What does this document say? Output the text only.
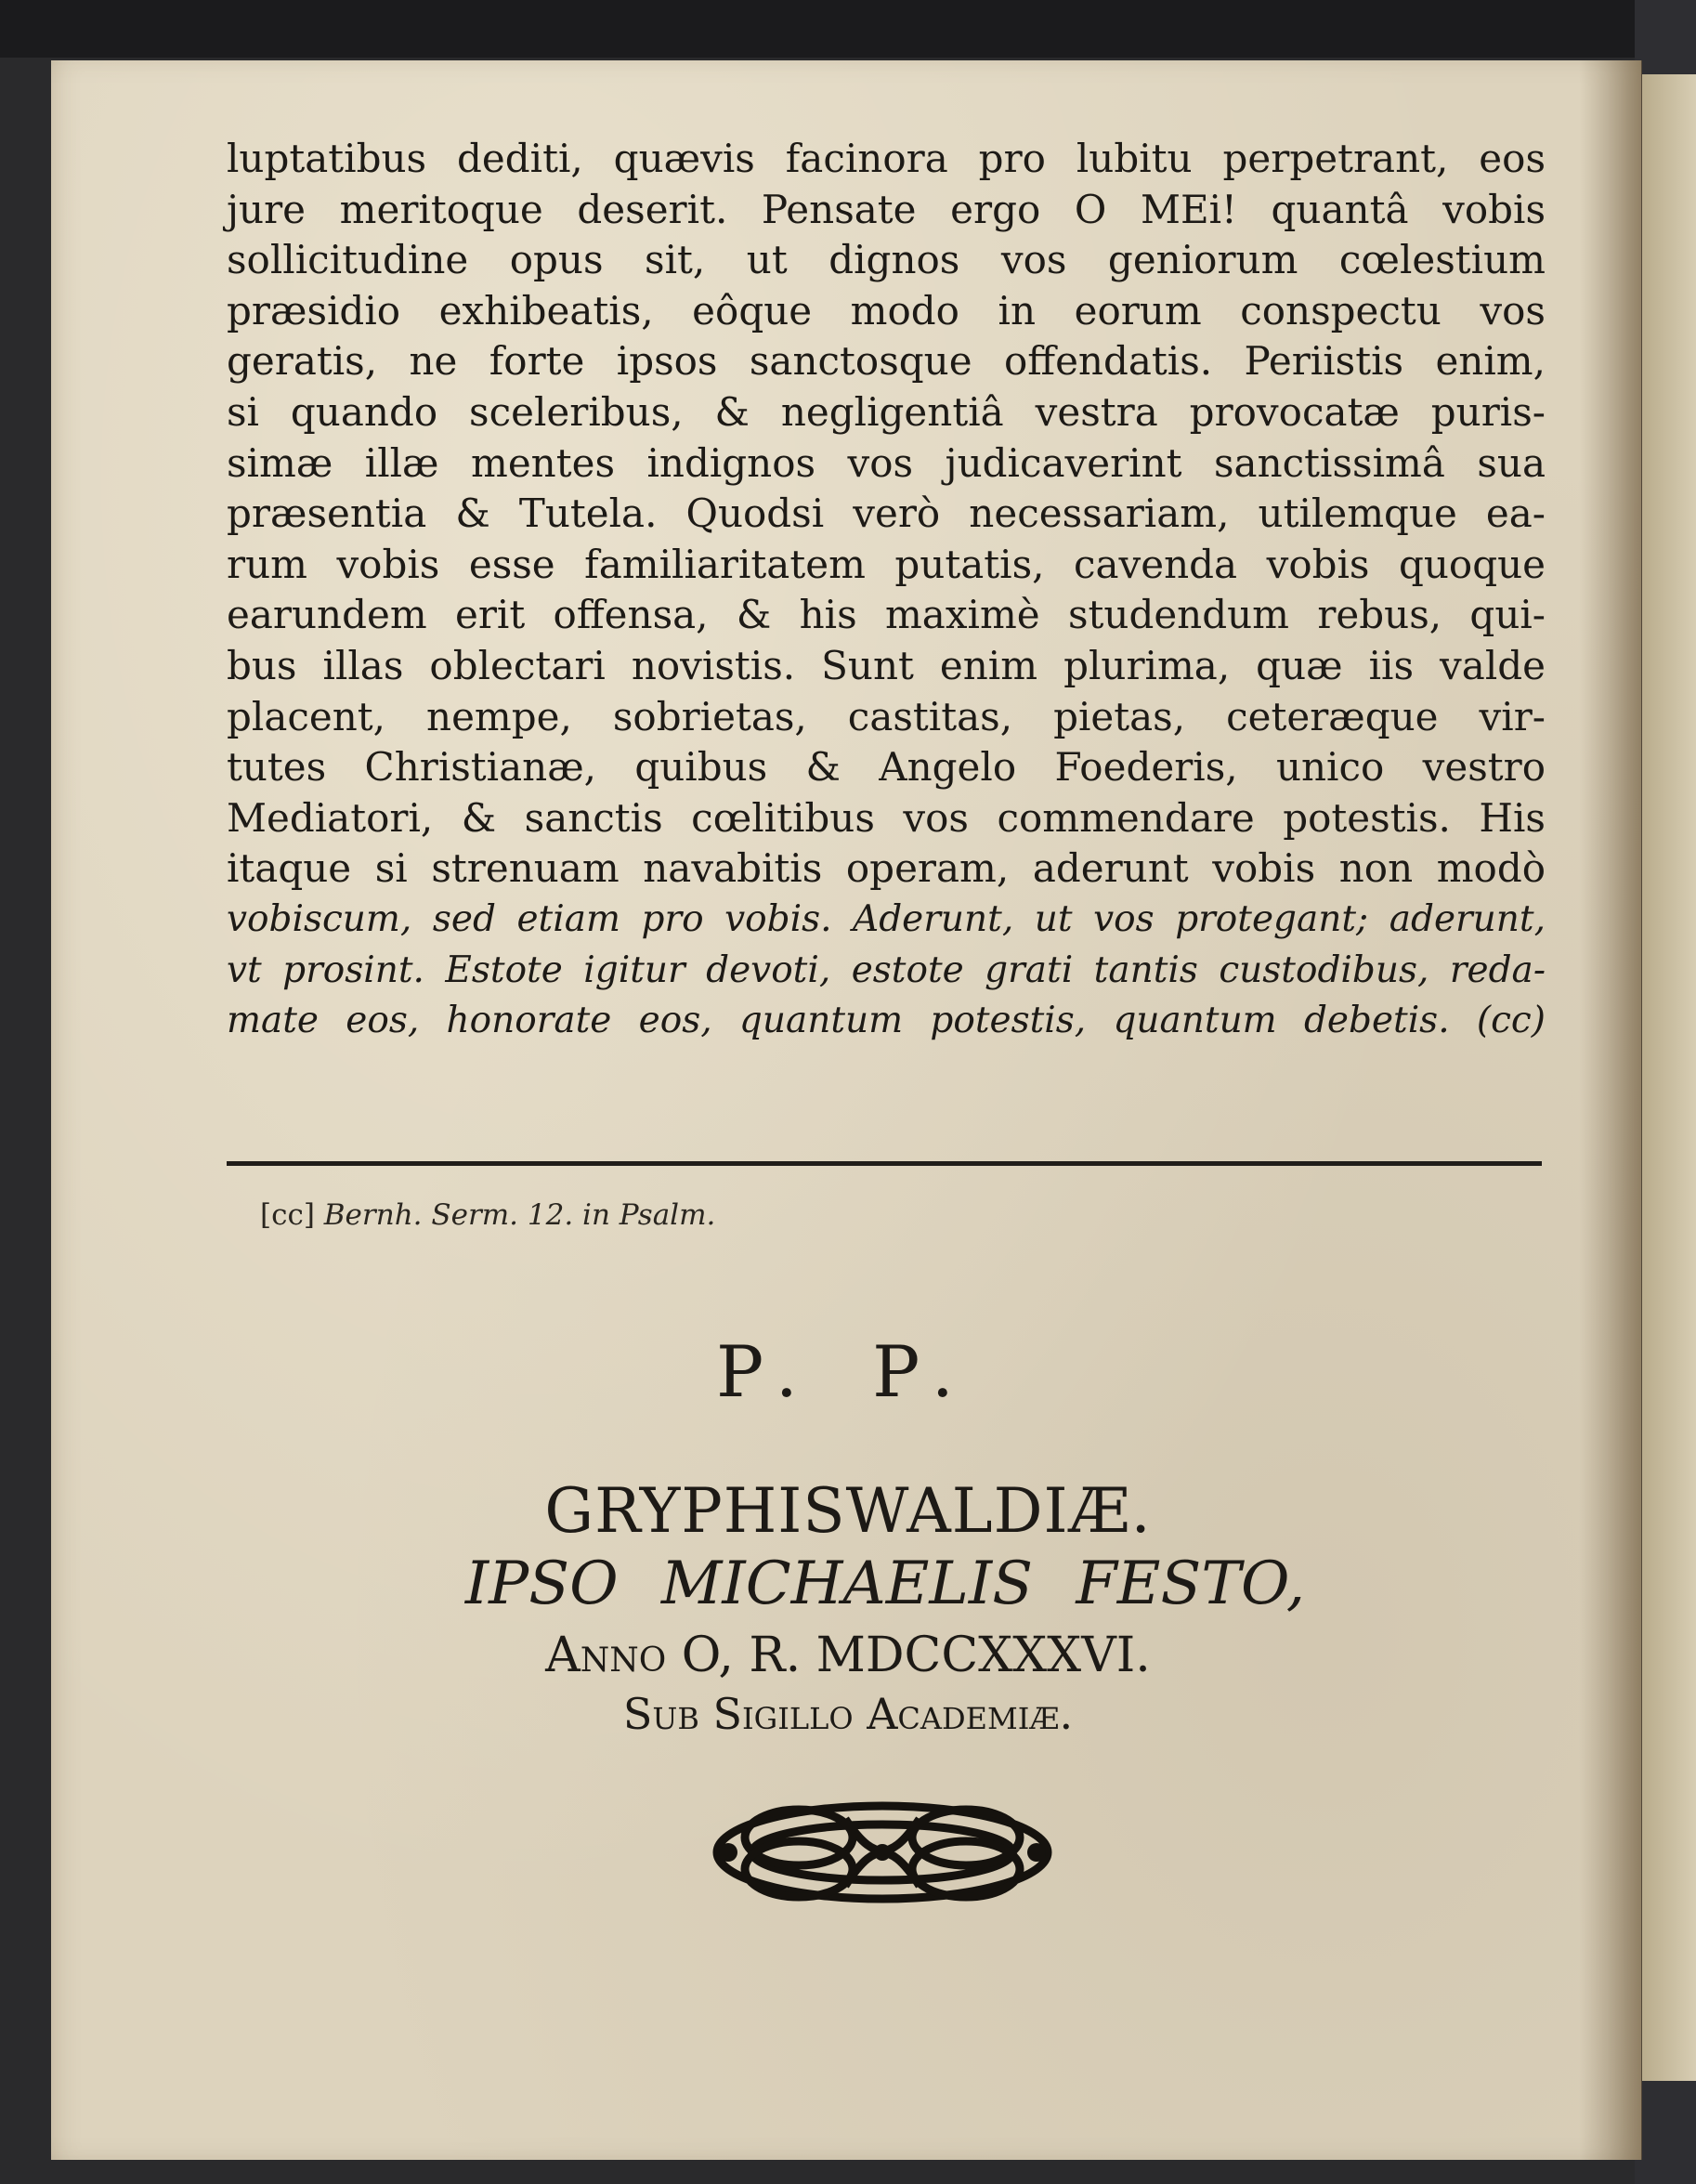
luptatibus dediti, quævis facinora pro lubitu perpetrant, eos
jure meritoque deserit. Pensate ergo O MEi! quantâ vobis
sollicitudine opus sit, ut dignos vos geniorum cœlestium
præsidio exhibeatis, eôque modo in eorum conspectu vos
geratis, ne forte ipsos sanctosque offendatis. Periistis enim,
si quando sceleribus, & negligentiâ vestra provocatæ puris-
simæ illæ mentes indignos vos judicaverint sanctissimâ sua
præsentia & Tutela. Quodsi verò necessariam, utilemque ea-
rum vobis esse familiaritatem putatis, cavenda vobis quoque
earundem erit offensa, & his maximè studendum rebus, qui-
bus illas oblectari novistis. Sunt enim plurima, quæ iis valde
placent, nempe, sobrietas, castitas, pietas, ceteræque vir-
tutes Christianæ, quibus & Angelo Foederis, unico vestro
Mediatori, & sanctis cœlitibus vos commendare potestis. His
itaque si strenuam navabitis operam, aderunt vobis non modò
vobiscum, sed etiam pro vobis. Aderunt, ut vos protegant; aderunt,
vt prosint. Estote igitur devoti, estote grati tantis custodibus, reda-
mate eos, honorate eos, quantum potestis, quantum debetis. (cc)
[cc] Bernh. Serm. 12. in Psalm.
P. P.
GRYPHISWALDIÆ.
IPSO MICHAELIS FESTO,
Anno O, R. MDCCXXXVI.
Sub Sigillo Academiæ.
